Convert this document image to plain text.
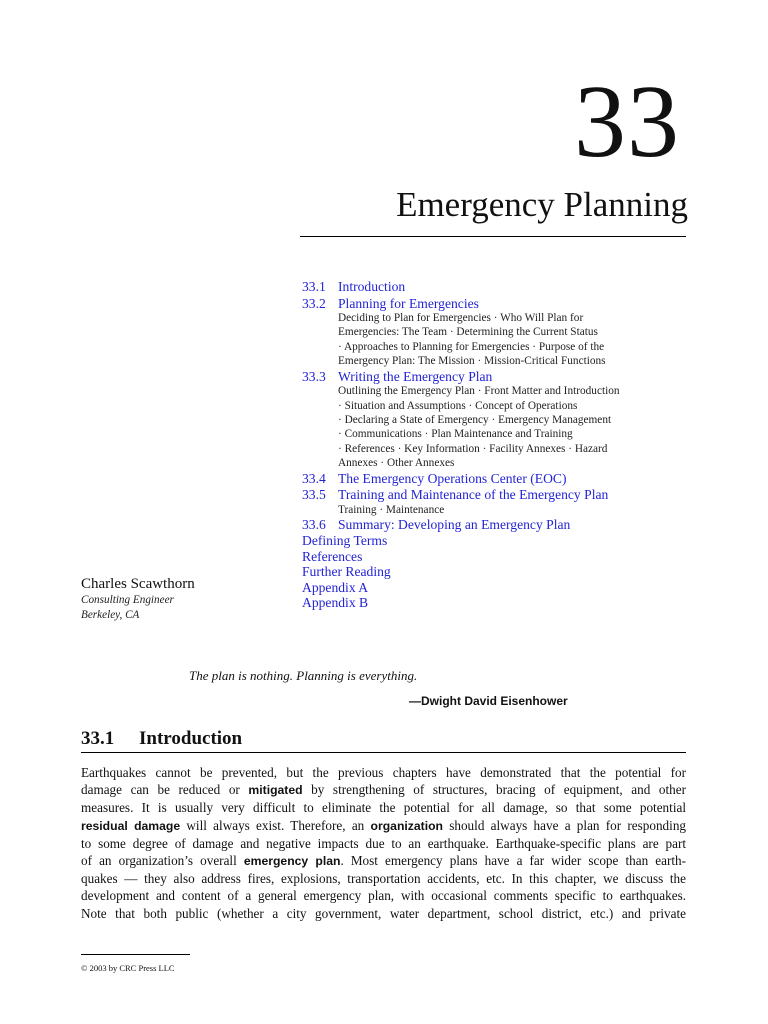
33
Emergency Planning
33.1 Introduction
33.2 Planning for Emergencies
Deciding to Plan for Emergencies · Who Will Plan for
Emergencies: The Team · Determining the Current Status
· Approaches to Planning for Emergencies · Purpose of the
Emergency Plan: The Mission · Mission-Critical Functions
33.3 Writing the Emergency Plan
Outlining the Emergency Plan · Front Matter and Introduction
· Situation and Assumptions · Concept of Operations
· Declaring a State of Emergency · Emergency Management
· Communications · Plan Maintenance and Training
· References · Key Information · Facility Annexes · Hazard
Annexes · Other Annexes
33.4 The Emergency Operations Center (EOC)
33.5 Training and Maintenance of the Emergency Plan
Training · Maintenance
33.6 Summary: Developing an Emergency Plan
Defining Terms
References
Further Reading
Appendix A
Appendix B
Charles Scawthorn
Consulting Engineer
Berkeley, CA
The plan is nothing. Planning is everything.
—Dwight David Eisenhower
33.1 Introduction
Earthquakes cannot be prevented, but the previous chapters have demonstrated that the potential for
damage can be reduced or mitigated by strengthening of structures, bracing of equipment, and other
measures. It is usually very difficult to eliminate the potential for all damage, so that some potential
residual damage will always exist. Therefore, an organization should always have a plan for responding
to some degree of damage and negative impacts due to an earthquake. Earthquake-specific plans are part
of an organization’s overall emergency plan. Most emergency plans have a far wider scope than earth-
quakes — they also address fires, explosions, transportation accidents, etc. In this chapter, we discuss the
development and content of a general emergency plan, with occasional comments specific to earthquakes.
Note that both public (whether a city government, water department, school district, etc.) and private
© 2003 by CRC Press LLC
